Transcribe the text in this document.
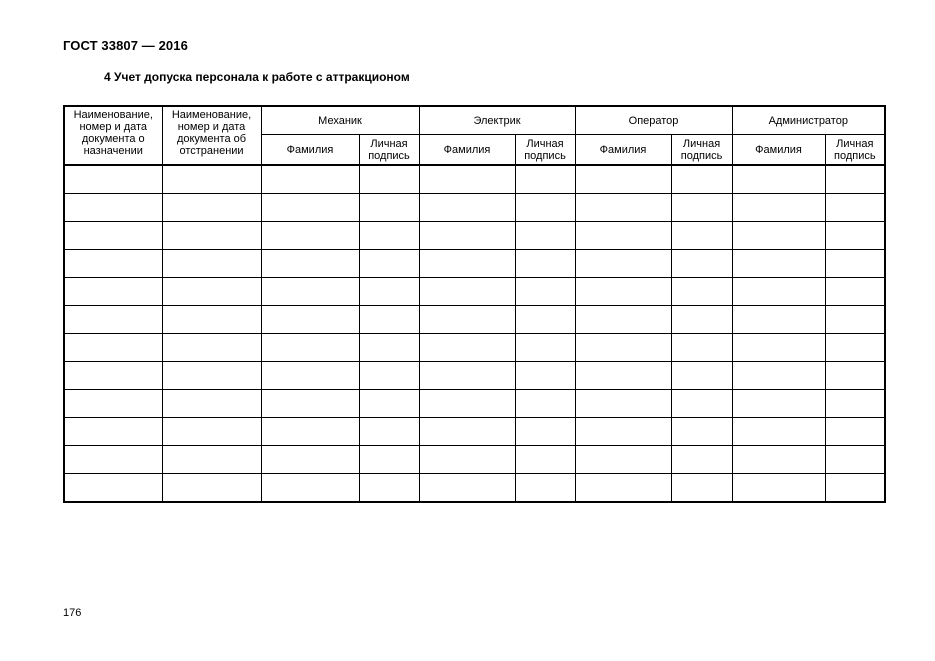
ГОСТ 33807 — 2016
4 Учет допуска персонала к работе с аттракционом
Наименование, номер и дата документа о назначении	Наименование, номер и дата документа об отстранении	Механик		Электрик		Оператор		Администратор	
		Фамилия	Личная подпись	Фамилия	Личная подпись	Фамилия	Личная подпись	Фамилия	Личная подпись

176
